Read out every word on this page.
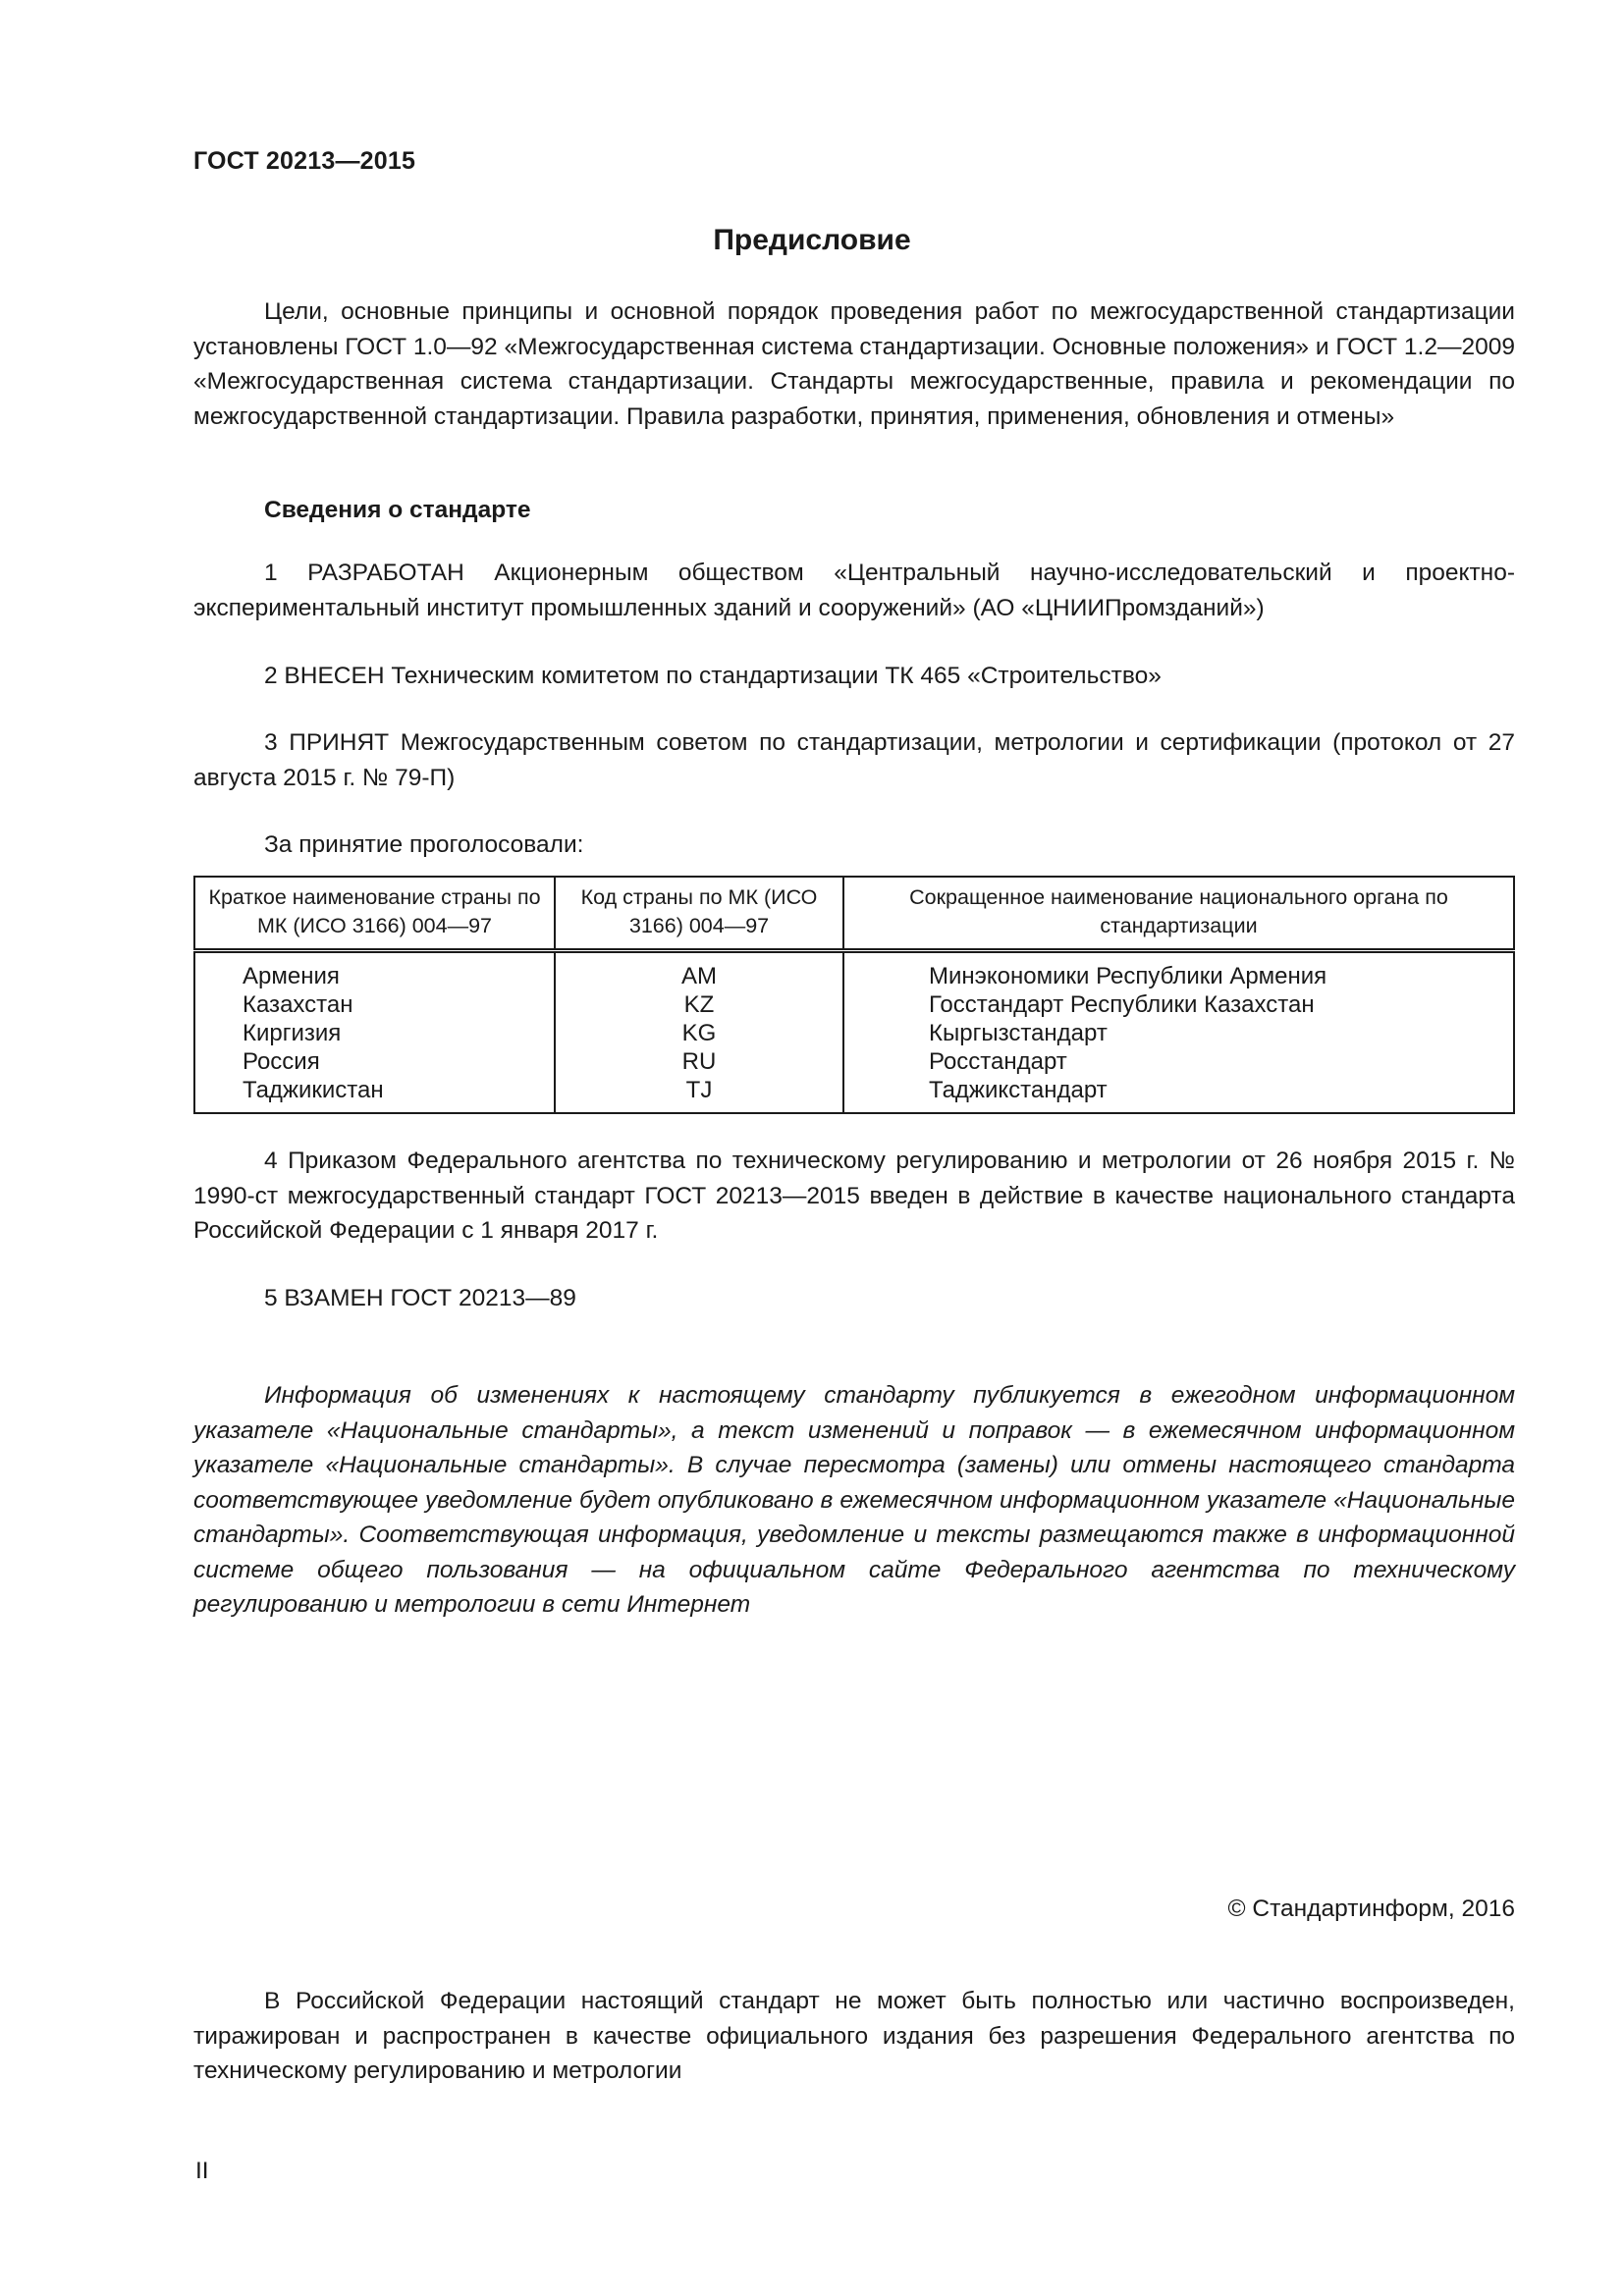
ГОСТ 20213—2015
Предисловие
Цели, основные принципы и основной порядок проведения работ по межгосударственной стандартизации установлены ГОСТ 1.0—92 «Межгосударственная система стандартизации. Основные положения» и ГОСТ 1.2—2009 «Межгосударственная система стандартизации. Стандарты межгосударственные, правила и рекомендации по межгосударственной стандартизации. Правила разработки, принятия, применения, обновления и отмены»
Сведения о стандарте
1 РАЗРАБОТАН Акционерным обществом «Центральный научно-исследовательский и проектно-экспериментальный институт промышленных зданий и сооружений» (АО «ЦНИИПромзданий»)
2 ВНЕСЕН Техническим комитетом по стандартизации ТК 465 «Строительство»
3 ПРИНЯТ Межгосударственным советом по стандартизации, метрологии и сертификации (протокол от 27 августа 2015 г. № 79-П)
За принятие проголосовали:
Краткое наименование страны по МК (ИСО 3166) 004—97	Код страны по МК (ИСО 3166) 004—97	Сокращенное наименование национального органа по стандартизации
Армения	AM	Минэкономики Республики Армения
Казахстан	KZ	Госстандарт Республики Казахстан
Киргизия	KG	Кыргызстандарт
Россия	RU	Росстандарт
Таджикистан	TJ	Таджикстандарт
4 Приказом Федерального агентства по техническому регулированию и метрологии от 26 ноября 2015 г. № 1990-ст межгосударственный стандарт ГОСТ 20213—2015 введен в действие в качестве национального стандарта Российской Федерации с 1 января 2017 г.
5 ВЗАМЕН ГОСТ 20213—89
Информация об изменениях к настоящему стандарту публикуется в ежегодном информационном указателе «Национальные стандарты», а текст изменений и поправок — в ежемесячном информационном указателе «Национальные стандарты». В случае пересмотра (замены) или отмены настоящего стандарта соответствующее уведомление будет опубликовано в ежемесячном информационном указателе «Национальные стандарты». Соответствующая информация, уведомление и тексты размещаются также в информационной системе общего пользования — на официальном сайте Федерального агентства по техническому регулированию и метрологии в сети Интернет
© Стандартинформ, 2016
В Российской Федерации настоящий стандарт не может быть полностью или частично воспроизведен, тиражирован и распространен в качестве официального издания без разрешения Федерального агентства по техническому регулированию и метрологии
II
